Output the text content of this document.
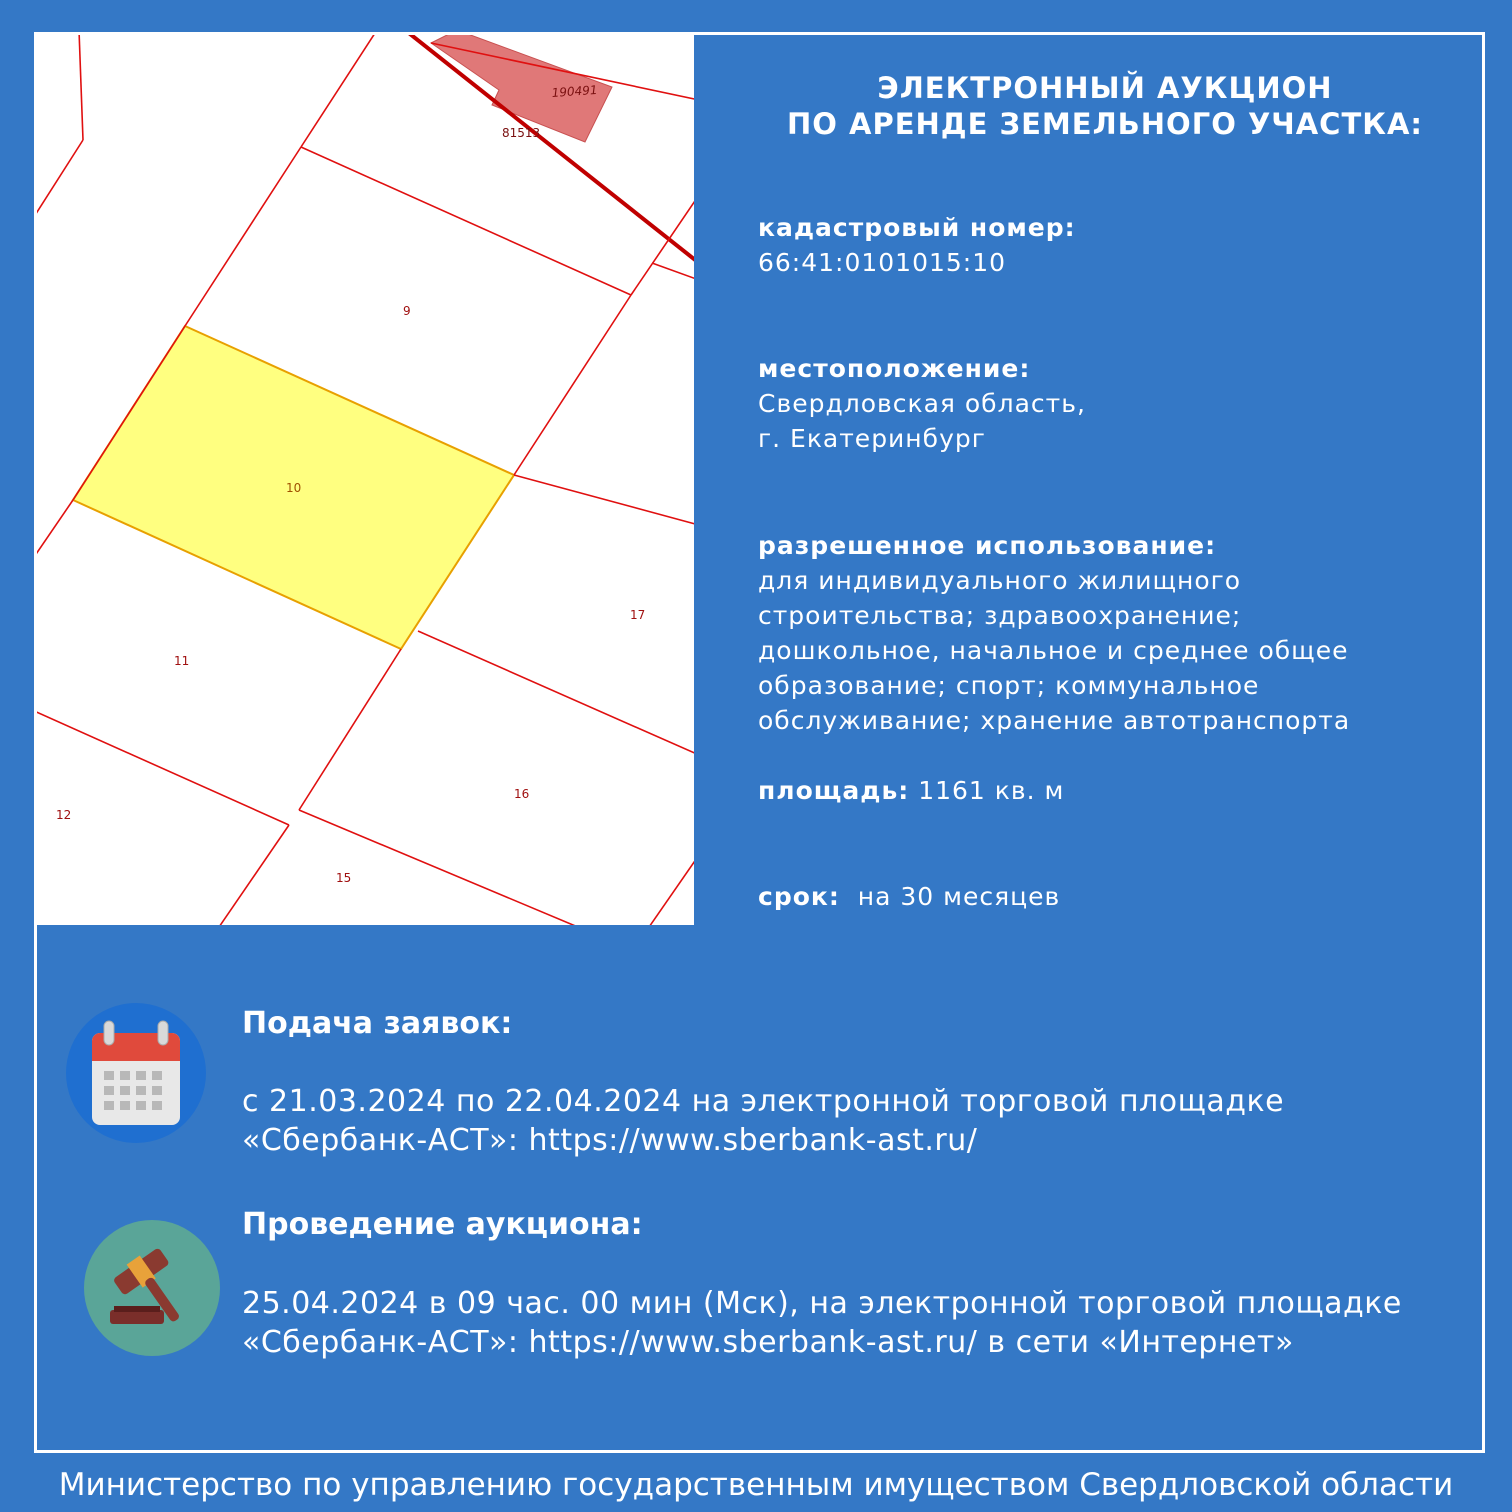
190491
81513
9
10
11
12
15
16
17
ЭЛЕКТРОННЫЙ АУКЦИОН
ПО АРЕНДЕ ЗЕМЕЛЬНОГО УЧАСТКА:
кадастровый номер:
66:41:0101015:10
местоположение:
Свердловская область,
г. Екатеринбург
разрешенное использование:
для индивидуального жилищного
строительства; здравоохранение;
дошкольное, начальное и среднее общее
образование; спорт; коммунальное
обслуживание; хранение автотранспорта
площадь: 1161 кв. м
срок: на 30 месяцев
Подача заявок:
с 21.03.2024 по 22.04.2024 на электронной торговой площадке
«Сбербанк-АСТ»: https://www.sberbank-ast.ru/
Проведение аукциона:
25.04.2024 в 09 час. 00 мин (Мск), на электронной торговой площадке
«Сбербанк-АСТ»: https://www.sberbank-ast.ru/ в сети «Интернет»
Министерство по управлению государственным имуществом Свердловской области
